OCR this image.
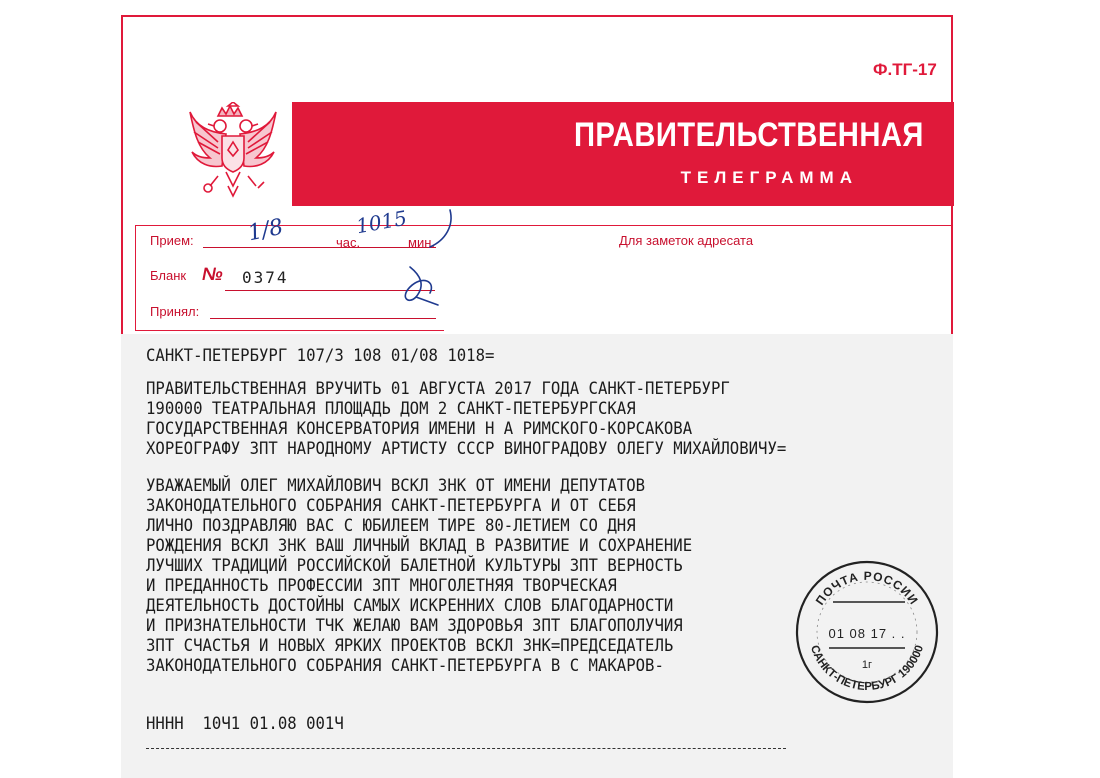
Ф.ТГ-17
ПРАВИТЕЛЬСТВЕННАЯ
ТЕЛЕГРАММА
Для заметок адресата
Прием:	час.	мин.
1/8	1015
Бланк № 0374
Принял:
САНКТ-ПЕТЕРБУРГ 107/3 108 01/08 1018=
ПРАВИТЕЛЬСТВЕННАЯ ВРУЧИТЬ 01 АВГУСТА 2017 ГОДА САНКТ-ПЕТЕРБУРГ
190000 ТЕАТРАЛЬНАЯ ПЛОЩАДЬ ДОМ 2 САНКТ-ПЕТЕРБУРГСКАЯ
ГОСУДАРСТВЕННАЯ КОНСЕРВАТОРИЯ ИМЕНИ Н А РИМСКОГО-КОРСАКОВА
ХОРЕОГРАФУ ЗПТ НАРОДНОМУ АРТИСТУ СССР ВИНОГРАДОВУ ОЛЕГУ МИХАЙЛОВИЧУ=
УВАЖАЕМЫЙ ОЛЕГ МИХАЙЛОВИЧ ВСКЛ ЗНК ОТ ИМЕНИ ДЕПУТАТОВ
ЗАКОНОДАТЕЛЬНОГО СОБРАНИЯ САНКТ-ПЕТЕРБУРГА И ОТ СЕБЯ
ЛИЧНО ПОЗДРАВЛЯЮ ВАС С ЮБИЛЕЕМ ТИРЕ 80-ЛЕТИЕМ СО ДНЯ
РОЖДЕНИЯ ВСКЛ ЗНК ВАШ ЛИЧНЫЙ ВКЛАД В РАЗВИТИЕ И СОХРАНЕНИЕ
ЛУЧШИХ ТРАДИЦИЙ РОССИЙСКОЙ БАЛЕТНОЙ КУЛЬТУРЫ ЗПТ ВЕРНОСТЬ
И ПРЕДАННОСТЬ ПРОФЕССИИ ЗПТ МНОГОЛЕТНЯЯ ТВОРЧЕСКАЯ
ДЕЯТЕЛЬНОСТЬ ДОСТОЙНЫ САМЫХ ИСКРЕННИХ СЛОВ БЛАГОДАРНОСТИ
И ПРИЗНАТЕЛЬНОСТИ ТЧК ЖЕЛАЮ ВАМ ЗДОРОВЬЯ ЗПТ БЛАГОПОЛУЧИЯ
ЗПТ СЧАСТЬЯ И НОВЫХ ЯРКИХ ПРОЕКТОВ ВСКЛ ЗНК=ПРЕДСЕДАТЕЛЬ
ЗАКОНОДАТЕЛЬНОГО СОБРАНИЯ САНКТ-ПЕТЕРБУРГА В С МАКАРОВ-
НННН  10Ч1 01.08 001Ч
ПОЧТА РОССИИ
01 08 17 . .
1г
САНКТ-ПЕТЕРБУРГ 190000
